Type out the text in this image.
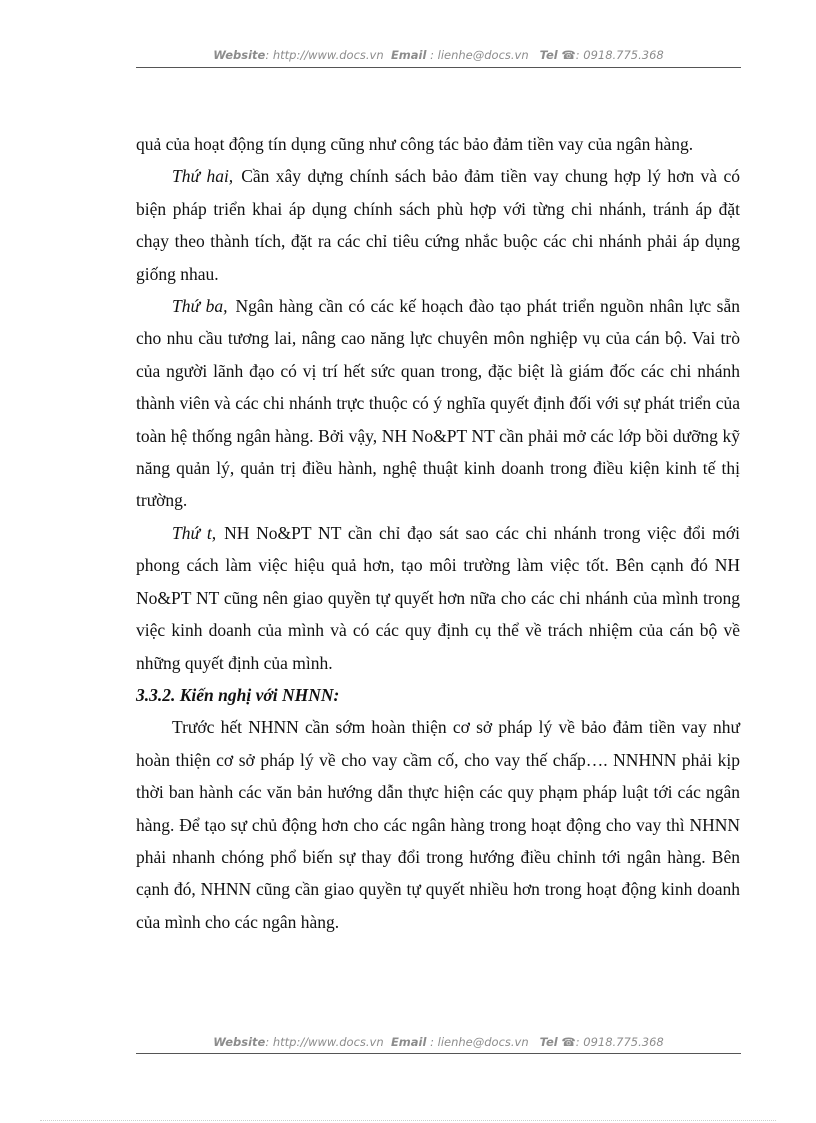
Website: http://www.docs.vn Email : lienhe@docs.vn Tel ☎: 0918.775.368

quả của hoạt động tín dụng cũng như công tác bảo đảm tiền vay của ngân hàng.

Thứ hai, Cần xây dựng chính sách bảo đảm tiền vay chung hợp lý hơn và có biện pháp triển khai áp dụng chính sách phù hợp với từng chi nhánh, tránh áp đặt chạy theo thành tích, đặt ra các chỉ tiêu cứng nhắc buộc các chi nhánh phải áp dụng giống nhau.

Thứ ba, Ngân hàng cần có các kế hoạch đào tạo phát triển nguồn nhân lực sẵn cho nhu cầu tương lai, nâng cao năng lực chuyên môn nghiệp vụ của cán bộ. Vai trò của người lãnh đạo có vị trí hết sức quan trong, đặc biệt là giám đốc các chi nhánh thành viên và các chi nhánh trực thuộc có ý nghĩa quyết định đối với sự phát triển của toàn hệ thống ngân hàng. Bởi vậy, NH No&PT NT cần phải mở các lớp bồi dưỡng kỹ năng quản lý, quản trị điều hành, nghệ thuật kinh doanh trong điều kiện kinh tế thị trường.

Thứ t, NH No&PT NT cần chỉ đạo sát sao các chi nhánh trong việc đổi mới phong cách làm việc hiệu quả hơn, tạo môi trường làm việc tốt. Bên cạnh đó NH No&PT NT cũng nên giao quyền tự quyết hơn nữa cho các chi nhánh của mình trong việc kinh doanh của mình và có các quy định cụ thể về trách nhiệm của cán bộ về những quyết định của mình.

3.3.2. Kiến nghị với NHNN:

Trước hết NHNN cần sớm hoàn thiện cơ sở pháp lý về bảo đảm tiền vay như hoàn thiện cơ sở pháp lý về cho vay cầm cố, cho vay thế chấp…. NNHNN phải kịp thời ban hành các văn bản hướng dẫn thực hiện các quy phạm pháp luật tới các ngân hàng. Để tạo sự chủ động hơn cho các ngân hàng trong hoạt động cho vay thì NHNN phải nhanh chóng phổ biến sự thay đổi trong hướng điều chỉnh tới ngân hàng. Bên cạnh đó, NHNN cũng cần giao quyền tự quyết nhiều hơn trong hoạt động kinh doanh của mình cho các ngân hàng.

Website: http://www.docs.vn Email : lienhe@docs.vn Tel ☎: 0918.775.368
